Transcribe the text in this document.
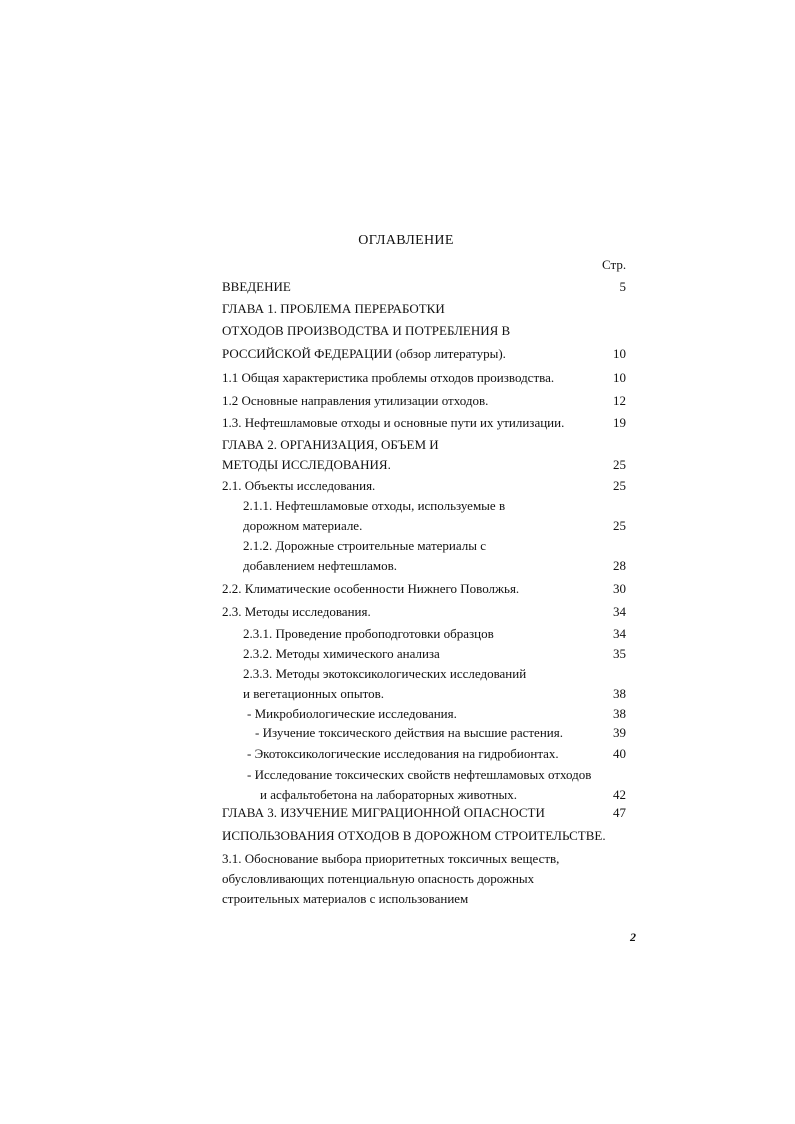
ОГЛАВЛЕНИЕ
Стр.
ВВЕДЕНИЕ	5
ГЛАВА 1. ПРОБЛЕМА ПЕРЕРАБОТКИ
ОТХОДОВ ПРОИЗВОДСТВА И ПОТРЕБЛЕНИЯ В
РОССИЙСКОЙ ФЕДЕРАЦИИ (обзор литературы).	10
1.1 Общая характеристика проблемы отходов производства.	10
1.2 Основные направления утилизации отходов.	12
1.3. Нефтешламовые отходы и основные пути их утилизации.	19
ГЛАВА 2. ОРГАНИЗАЦИЯ, ОБЪЕМ И
МЕТОДЫ ИССЛЕДОВАНИЯ.	25
2.1. Объекты исследования.	25
2.1.1. Нефтешламовые отходы, используемые в
дорожном материале.	25
2.1.2. Дорожные строительные материалы с
добавлением нефтешламов.	28
2.2. Климатические особенности Нижнего Поволжья.	30
2.3. Методы исследования.	34
2.3.1. Проведение пробоподготовки образцов	34
2.3.2. Методы химического анализа	35
2.3.3. Методы экотоксикологических исследований
и вегетационных опытов.	38
- Микробиологические исследования.	38
- Изучение токсического действия на высшие растения.	39
- Экотоксикологические исследования на гидробионтах.	40
- Исследование токсических свойств нефтешламовых отходов
и асфальтобетона на лабораторных животных.	42
ГЛАВА 3. ИЗУЧЕНИЕ МИГРАЦИОННОЙ ОПАСНОСТИ	47
ИСПОЛЬЗОВАНИЯ ОТХОДОВ В ДОРОЖНОМ СТРОИТЕЛЬСТВЕ.
3.1. Обоснование выбора приоритетных токсичных веществ,
обусловливающих потенциальную опасность дорожных
строительных материалов с использованием
2
